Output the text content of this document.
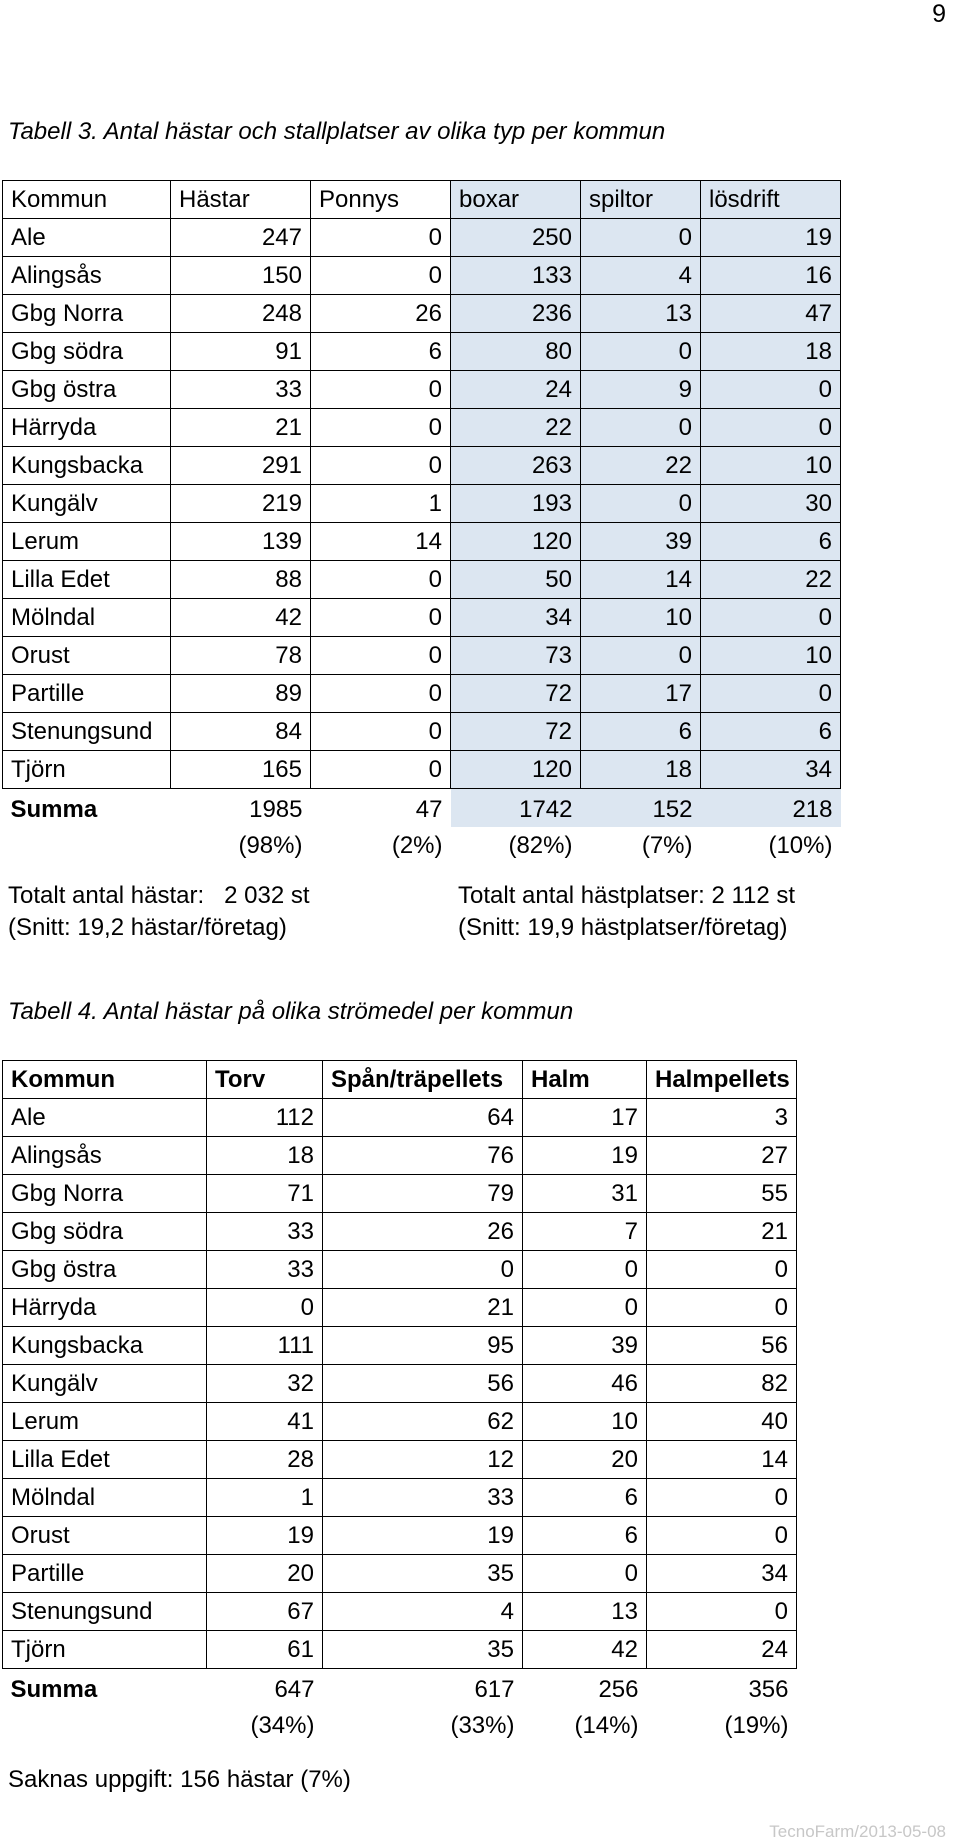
9
Tabell 3. Antal hästar och stallplatser av olika typ per kommun
Kommun	Hästar	Ponnys	boxar	spiltor	lösdrift
Ale	247	0	250	0	19
Alingsås	150	0	133	4	16
Gbg Norra	248	26	236	13	47
Gbg södra	91	6	80	0	18
Gbg östra	33	0	24	9	0
Härryda	21	0	22	0	0
Kungsbacka	291	0	263	22	10
Kungälv	219	1	193	0	30
Lerum	139	14	120	39	6
Lilla Edet	88	0	50	14	22
Mölndal	42	0	34	10	0
Orust	78	0	73	0	10
Partille	89	0	72	17	0
Stenungsund	84	0	72	6	6
Tjörn	165	0	120	18	34
Summa	1985	47	1742	152	218
	(98%)	(2%)	(82%)	(7%)	(10%)
Totalt antal hästar:   2 032 st
(Snitt: 19,2 hästar/företag)
Totalt antal hästplatser: 2 112 st
(Snitt: 19,9 hästplatser/företag)
Tabell 4. Antal hästar på olika strömedel per kommun
Kommun	Torv	Spån/träpellets	Halm	Halmpellets
Ale	112	64	17	3
Alingsås	18	76	19	27
Gbg Norra	71	79	31	55
Gbg södra	33	26	7	21
Gbg östra	33	0	0	0
Härryda	0	21	0	0
Kungsbacka	111	95	39	56
Kungälv	32	56	46	82
Lerum	41	62	10	40
Lilla Edet	28	12	20	14
Mölndal	1	33	6	0
Orust	19	19	6	0
Partille	20	35	0	34
Stenungsund	67	4	13	0
Tjörn	61	35	42	24
Summa	647	617	256	356
	(34%)	(33%)	(14%)	(19%)
Saknas uppgift: 156 hästar (7%)
TecnoFarm/2013-05-08
